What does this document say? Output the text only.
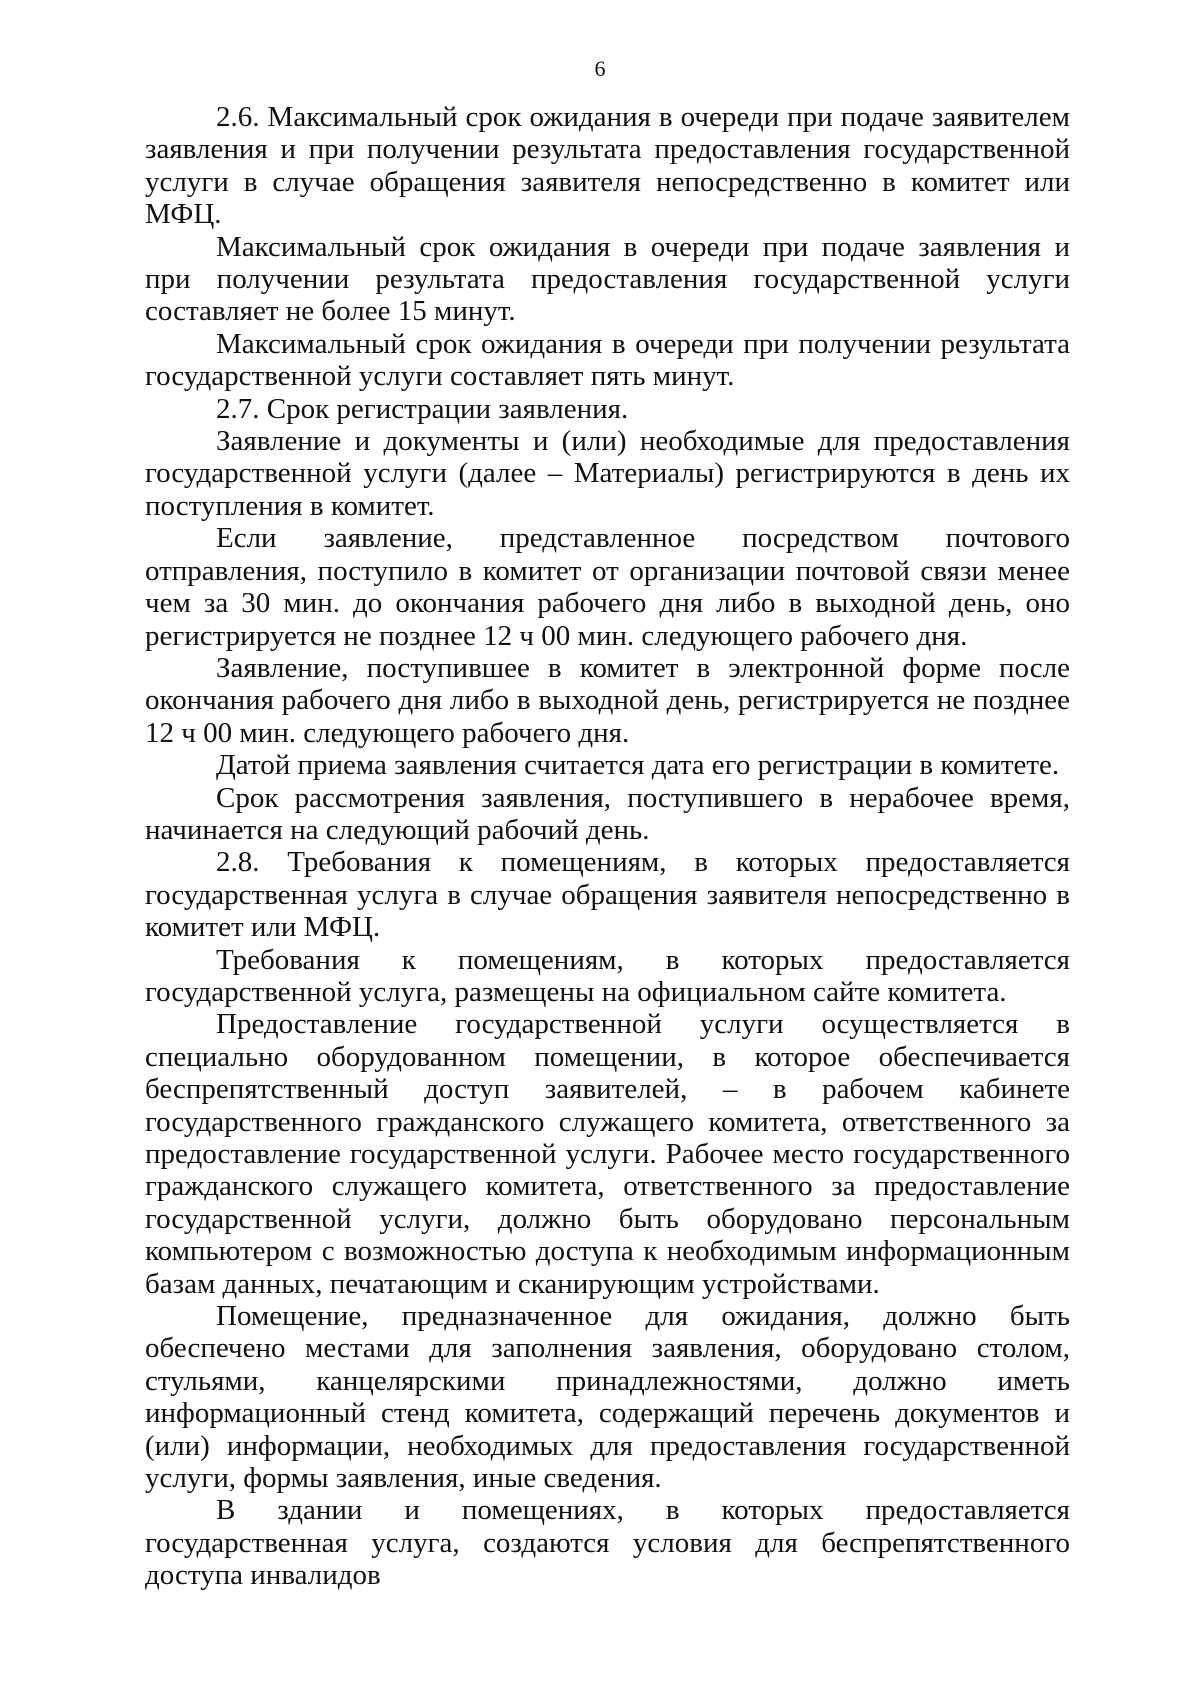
6

2.6. Максимальный срок ожидания в очереди при подаче заявителем заявления и при получении результата предоставления государственной услуги в случае обращения заявителя непосредственно в комитет или МФЦ.

Максимальный срок ожидания в очереди при подаче заявления и при получении результата предоставления государственной услуги составляет не более 15 минут.

Максимальный срок ожидания в очереди при получении результата государственной услуги составляет пять минут.

2.7. Срок регистрации заявления.

Заявление и документы и (или) необходимые для предоставления государственной услуги (далее – Материалы) регистрируются в день их поступления в комитет.

Если заявление, представленное посредством почтового отправления, поступило в комитет от организации почтовой связи менее чем за 30 мин. до окончания рабочего дня либо в выходной день, оно регистрируется не позднее 12 ч 00 мин. следующего рабочего дня.

Заявление, поступившее в комитет в электронной форме после окончания рабочего дня либо в выходной день, регистрируется не позднее 12 ч 00 мин. следующего рабочего дня.

Датой приема заявления считается дата его регистрации в комитете.

Срок рассмотрения заявления, поступившего в нерабочее время, начинается на следующий рабочий день.

2.8. Требования к помещениям, в которых предоставляется государственная услуга в случае обращения заявителя непосредственно в комитет или МФЦ.

Требования к помещениям, в которых предоставляется государственной услуга, размещены на официальном сайте комитета.

Предоставление государственной услуги осуществляется в специально оборудованном помещении, в которое обеспечивается беспрепятственный доступ заявителей, – в рабочем кабинете государственного гражданского служащего комитета, ответственного за предоставление государственной услуги. Рабочее место государственного гражданского служащего комитета, ответственного за предоставление государственной услуги, должно быть оборудовано персональным компьютером с возможностью доступа к необходимым информационным базам данных, печатающим и сканирующим устройствами.

Помещение, предназначенное для ожидания, должно быть обеспечено местами для заполнения заявления, оборудовано столом, стульями, канцелярскими принадлежностями, должно иметь информационный стенд комитета, содержащий перечень документов и (или) информации, необходимых для предоставления государственной услуги, формы заявления, иные сведения.

В здании и помещениях, в которых предоставляется государственная услуга, создаются условия для беспрепятственного доступа инвалидов
